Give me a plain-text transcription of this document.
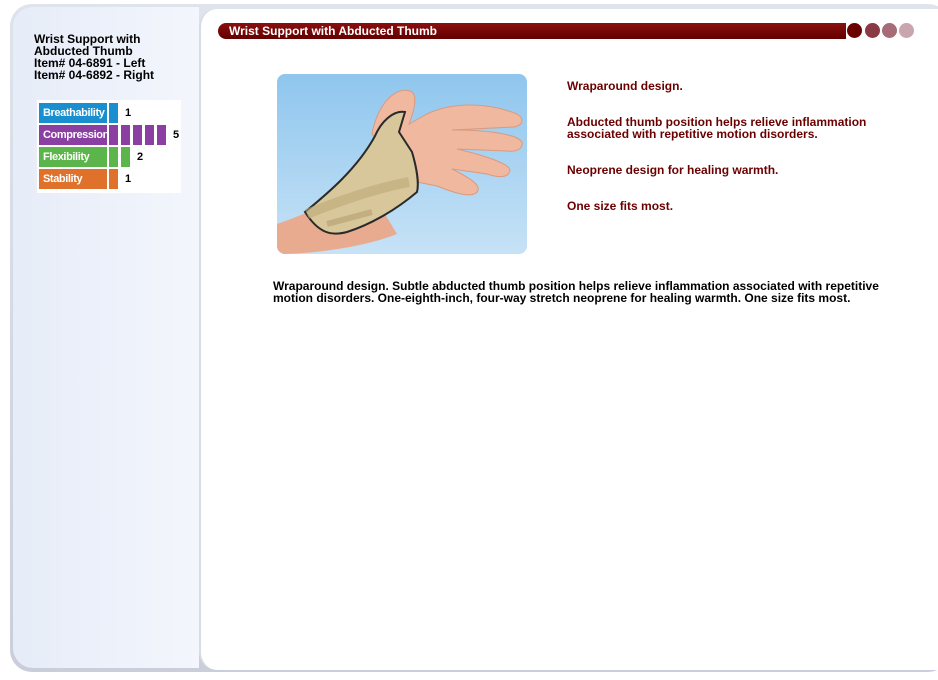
Wrist Support with
Abducted Thumb
Item# 04-6891 - Left
Item# 04-6892 - Right
Breathability 1
Compression	5
Flexibility	2
Stability	1
Wrist Support with Abducted Thumb
Wraparound design.
Abducted thumb position helps relieve inflammation associated with repetitive motion disorders.
Neoprene design for healing warmth.
One size fits most.
Wraparound design. Subtle abducted thumb position helps relieve inflammation associated with repetitive motion disorders. One-eighth-inch, four-way stretch neoprene for healing warmth. One size fits most.
